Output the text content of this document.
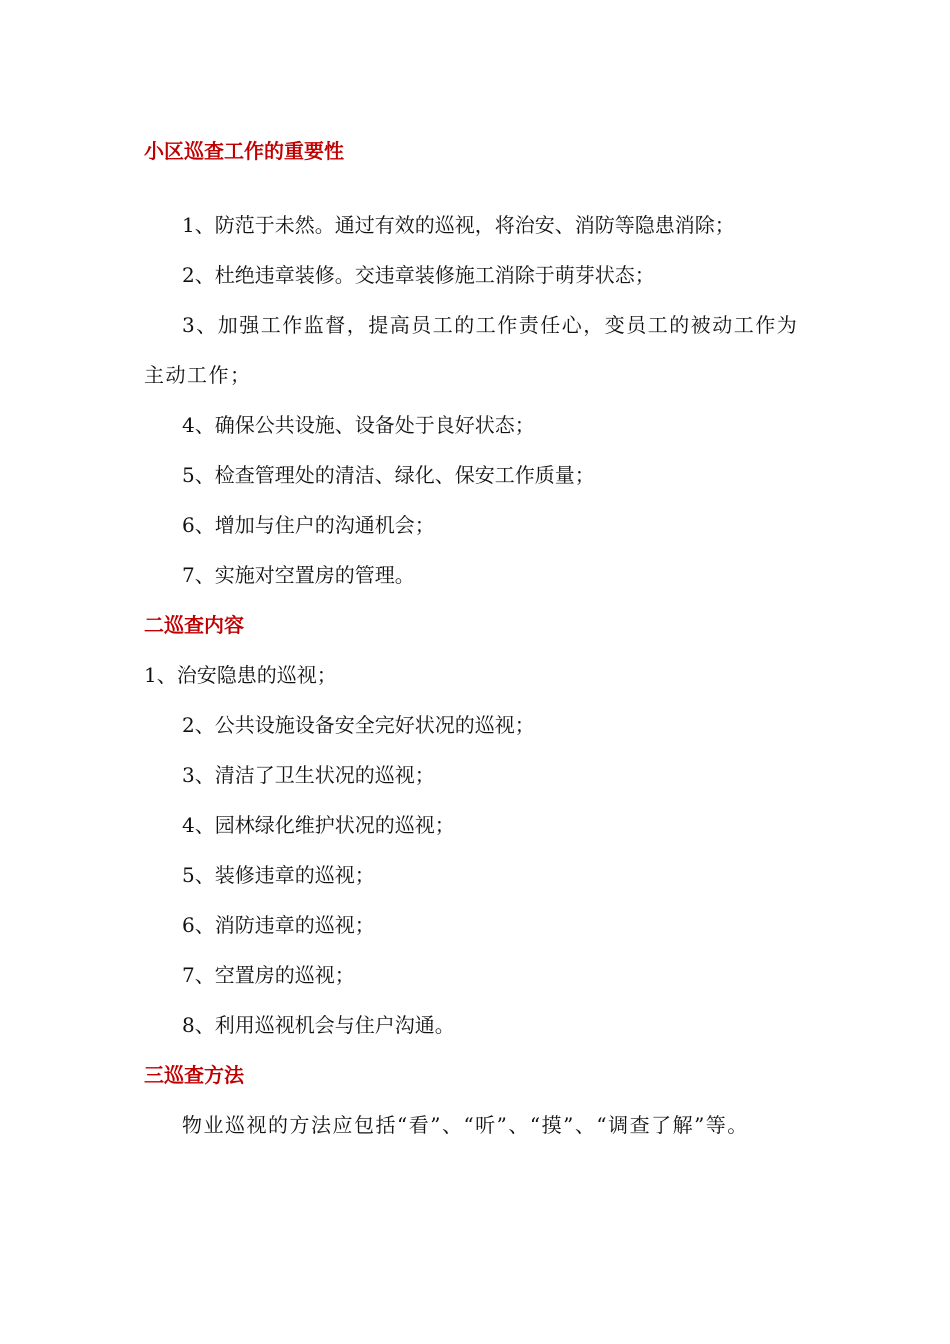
小区巡查工作的重要性

1、防范于未然。通过有效的巡视，将治安、消防等隐患消除；

2、杜绝违章装修。交违章装修施工消除于萌芽状态；

3、加强工作监督，提高员工的工作责任心，变员工的被动工作为主动工作；

4、确保公共设施、设备处于良好状态；

5、检查管理处的清洁、绿化、保安工作质量；

6、增加与住户的沟通机会；

7、实施对空置房的管理。

二巡查内容

1、治安隐患的巡视；

2、公共设施设备安全完好状况的巡视；

3、清洁了卫生状况的巡视；

4、园林绿化维护状况的巡视；

5、装修违章的巡视；

6、消防违章的巡视；

7、空置房的巡视；

8、利用巡视机会与住户沟通。

三巡查方法

物业巡视的方法应包括“看”、“听”、“摸”、“调查了解”等。
